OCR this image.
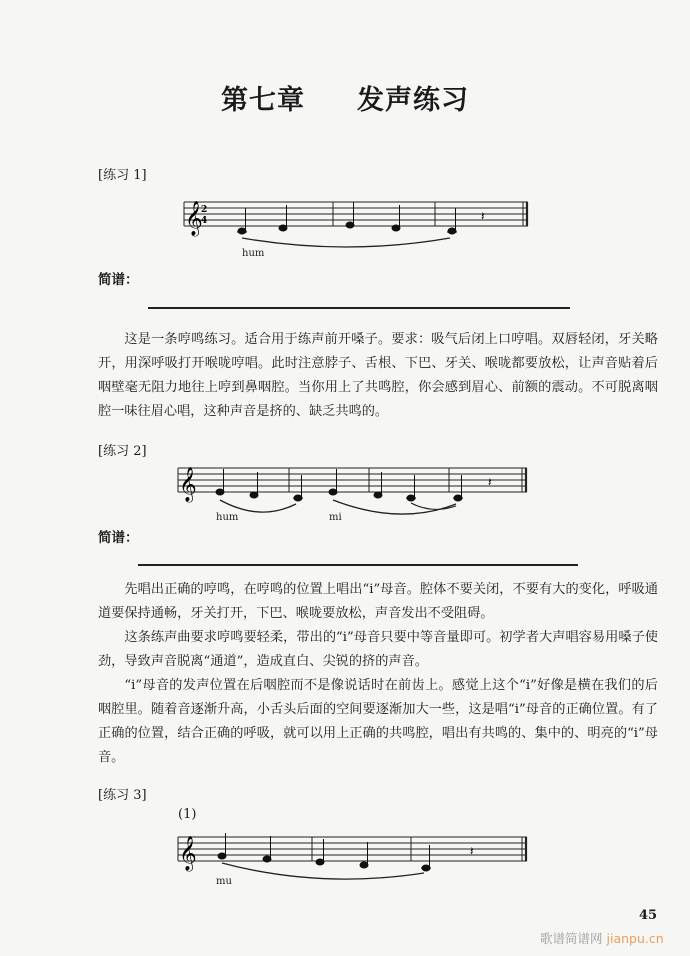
第七章 发声练习
[练习 1]
𝄞
2
4	𝄽
hum
简谱：

这是一条哼鸣练习。适合用于练声前开嗓子。要求：吸气后闭上口哼唱。双唇轻闭，牙关略开，用深呼吸打开喉咙哼唱。此时注意脖子、舌根、下巴、牙关、喉咙都要放松，让声音贴着后咽壁毫无阻力地往上哼到鼻咽腔。当你用上了共鸣腔，你会感到眉心、前额的震动。不可脱离咽腔一味往眉心唱，这种声音是挤的、缺乏共鸣的。

[练习 2]
𝄞	𝄽
hum	mi
简谱：

先唱出正确的哼鸣，在哼鸣的位置上唱出“i”母音。腔体不要关闭，不要有大的变化，呼吸通道要保持通畅，牙关打开，下巴、喉咙要放松，声音发出不受阻碍。

这条练声曲要求哼鸣要轻柔，带出的“i”母音只要中等音量即可。初学者大声唱容易用嗓子使劲，导致声音脱离“通道”，造成直白、尖锐的挤的声音。

“i”母音的发声位置在后咽腔而不是像说话时在前齿上。感觉上这个“i”好像是横在我们的后咽腔里。随着音逐渐升高，小舌头后面的空间要逐渐加大一些，这是唱“i”母音的正确位置。有了正确的位置，结合正确的呼吸，就可以用上正确的共鸣腔，唱出有共鸣的、集中的、明亮的“i”母音。

[练习 3]
(1)
𝄞	𝄽
mu
45
歌谱简谱网 jianpu.cn
